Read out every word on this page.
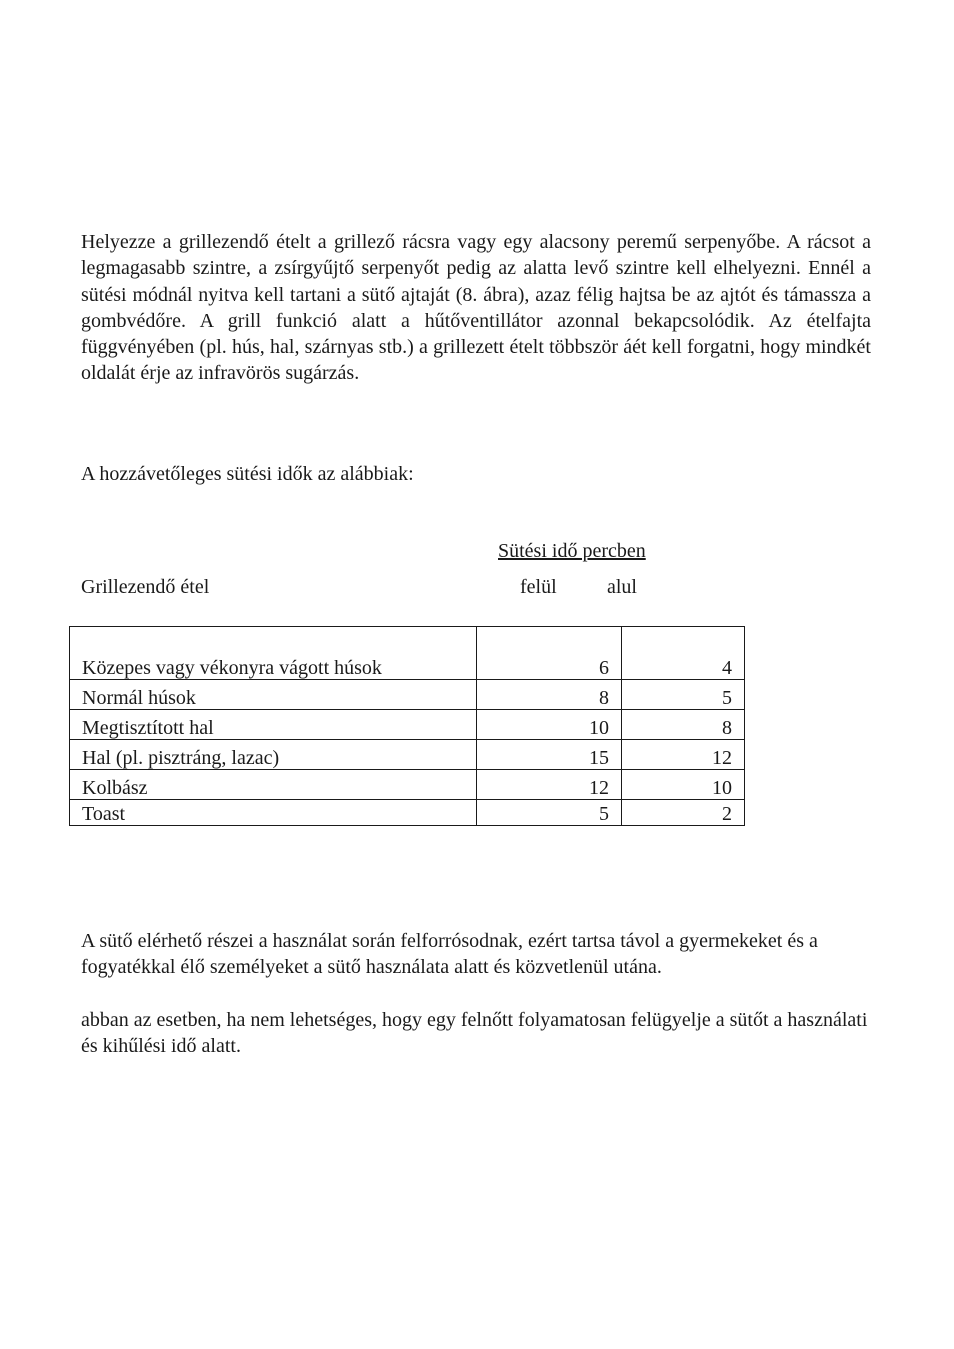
Helyezze a grillezendő ételt a grillező rácsra vagy egy alacsony peremű serpenyőbe. A rácsot a legmagasabb szintre, a zsírgyűjtő serpenyőt pedig az alatta levő szintre kell elhelyezni. Ennél a sütési módnál nyitva kell tartani a sütő ajtaját (8. ábra), azaz félig hajtsa be az ajtót és támassza a gombvédőre. A grill funkció alatt a hűtőventillátor azonnal bekapcsolódik. Az ételfajta függvényében (pl. hús, hal, szárnyas stb.) a grillezett ételt többször áét kell forgatni, hogy mindkét oldalát érje az infravörös sugárzás.

A hozzávetőleges sütési idők az alábbiak:

Sütési idő percben
Grillezendő étel	felül	alul
Közepes vagy vékonyra vágott húsok	6	4
Normál húsok	8	5
Megtisztított hal	10	8
Hal (pl. pisztráng, lazac)	15	12
Kolbász	12	10
Toast	5	2

A sütő elérhető részei a használat során felforrósodnak, ezért tartsa távol a gyermekeket és a fogyatékkal élő személyeket a sütő használata alatt és közvetlenül utána.

abban az esetben, ha nem lehetséges, hogy egy felnőtt folyamatosan felügyelje a sütőt a használati és kihűlési idő alatt.
